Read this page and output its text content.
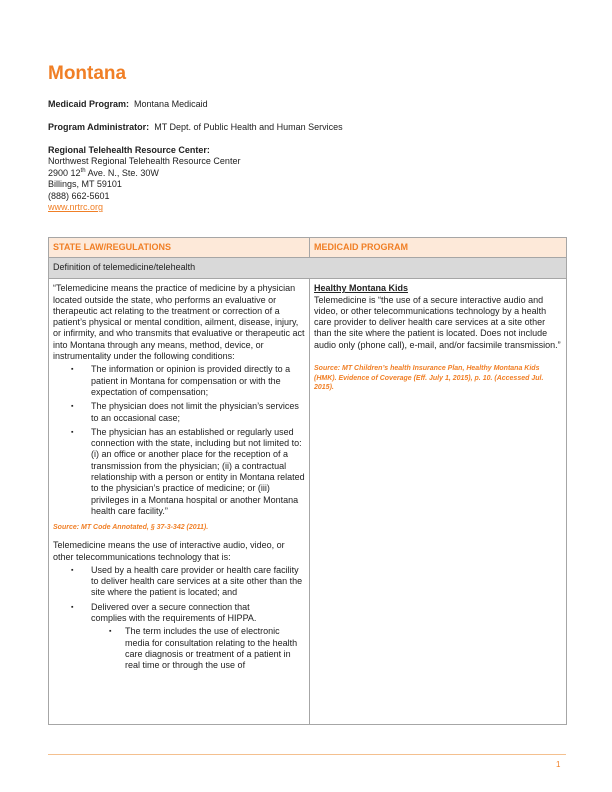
Montana
Medicaid Program: Montana Medicaid
Program Administrator: MT Dept. of Public Health and Human Services
Regional Telehealth Resource Center:
Northwest Regional Telehealth Resource Center
2900 12th Ave. N., Ste. 30W
Billings, MT 59101
(888) 662-5601
www.nrtrc.org
STATE LAW/REGULATIONS	MEDICAID PROGRAM
Definition of telemedicine/telehealth	

“Telemedicine means the practice of medicine by a physician located outside the state, who performs an evaluative or therapeutic act relating to the treatment or correction of a patient’s physical or mental condition, ailment, disease, injury, or infirmity, and who transmits that evaluative or therapeutic act into Montana through any means, method, device, or instrumentality under the following conditions:
▪ The information or opinion is provided directly to a patient in Montana for compensation or with the expectation of compensation;
▪ The physician does not limit the physician’s services to an occasional case;
▪ The physician has an established or regularly used connection with the state, including but not limited to: (i) an office or another place for the reception of a transmission from the physician; (ii) a contractual relationship with a person or entity in Montana related to the physician’s practice of medicine; or (iii) privileges in a Montana hospital or another Montana health care facility.”
Source: MT Code Annotated, § 37-3-342 (2011).
Telemedicine means the use of interactive audio, video, or other telecommunications technology that is:
▪ Used by a health care provider or health care facility to deliver health care services at a site other than the site where the patient is located; and
▪ Delivered over a secure connection that
complies with the requirements of HIPPA.
▪ The term includes the use of electronic media for consultation relating to the health care diagnosis or treatment of a patient in real time or through the use of

Healthy Montana Kids
Telemedicine is “the use of a secure interactive audio and video, or other telecommunications technology by a health care provider to deliver health care services at a site other than the site where the patient is located. Does not include audio only (phone call), e-mail, and/or facsimile transmission.”
Source: MT Children’s health Insurance Plan, Healthy Montana Kids (HMK). Evidence of Coverage (Eff. July 1, 2015), p. 10. (Accessed Jul. 2015).
1
